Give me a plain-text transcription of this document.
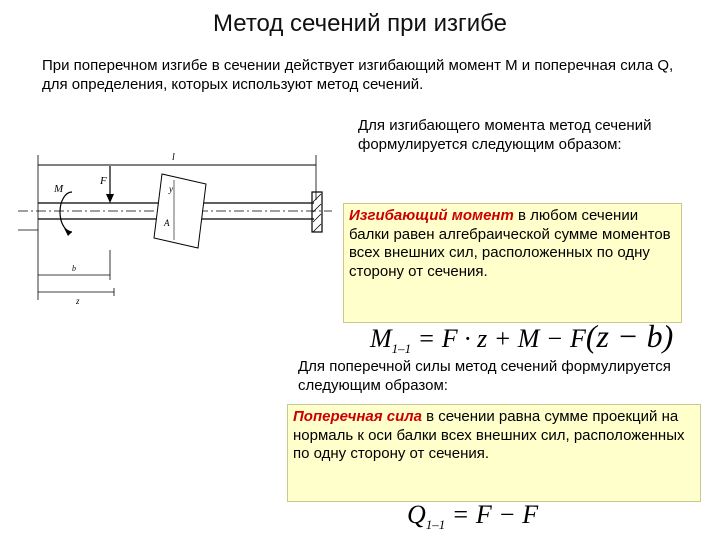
Метод сечений при изгибе
При поперечном изгибе в сечении действует изгибающий момент М и поперечная сила Q, для определения, которых используют метод сечений.
l
y
A
M
F
b
z
Для изгибающего момента метод сечений формулируется следующим образом:
Изгибающий момент в любом сечении балки равен алгебраической сумме моментов всех внешних сил, расположенных по одну сторону от сечения.
$M_{1-1} = F \cdot z + M - F(z - b)$
Для поперечной силы метод сечений формулируется следующим образом:
Поперечная сила в сечении равна сумме проекций на нормаль к оси балки всех внешних сил, расположенных по одну сторону от сечения.
$Q_{1-1} = F - F$
